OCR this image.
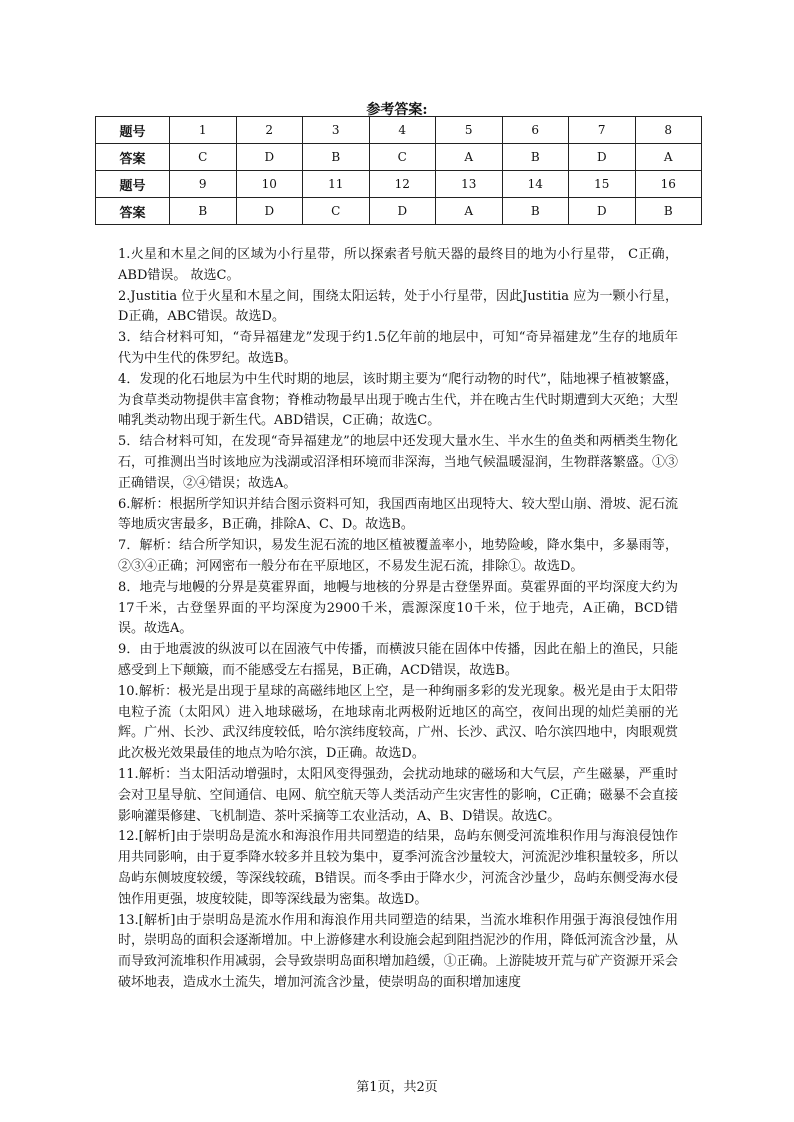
参考答案:
题号	1	2	3	4	5	6	7	8
答案	C	D	B	C	A	B	D	A
题号	9	10	11	12	13	14	15	16
答案	B	D	C	D	A	B	D	B

1.火星和木星之间的区域为小行星带，所以探索者号航天器的最终目的地为小行星带， C正确， ABD错误。 故选C。

2.Justitia 位于火星和木星之间，围绕太阳运转，处于小行星带，因此Justitia 应为一颗小行星，D正确，ABC错误。故选D。

3．结合材料可知，“奇异福建龙”发现于约1.5亿年前的地层中，可知“奇异福建龙”生存的地质年代为中生代的侏罗纪。故选B。

4．发现的化石地层为中生代时期的地层，该时期主要为“爬行动物的时代”，陆地裸子植被繁盛，为食草类动物提供丰富食物；脊椎动物最早出现于晚古生代，并在晚古生代时期遭到大灭绝；大型哺乳类动物出现于新生代。ABD错误，C正确；故选C。

5．结合材料可知，在发现“奇异福建龙”的地层中还发现大量水生、半水生的鱼类和两栖类生物化石，可推测出当时该地应为浅湖或沼泽相环境而非深海，当地气候温暖湿润，生物群落繁盛。①③正确错误，②④错误；故选A。

6.解析：根据所学知识并结合图示资料可知，我国西南地区出现特大、较大型山崩、滑坡、泥石流等地质灾害最多，B正确，排除A、C、D。故选B。

7．解析：结合所学知识，易发生泥石流的地区植被覆盖率小，地势险峻，降水集中，多暴雨等，②③④正确；河网密布一般分布在平原地区，不易发生泥石流，排除①。故选D。

8．地壳与地幔的分界是莫霍界面，地幔与地核的分界是古登堡界面。莫霍界面的平均深度大约为17千米，古登堡界面的平均深度为2900千米，震源深度10千米，位于地壳，A正确，BCD错误。故选A。

9．由于地震波的纵波可以在固液气中传播，而横波只能在固体中传播，因此在船上的渔民，只能感受到上下颠簸，而不能感受左右摇晃，B正确，ACD错误，故选B。

10.解析：极光是出现于星球的高磁纬地区上空，是一种绚丽多彩的发光现象。极光是由于太阳带电粒子流（太阳风）进入地球磁场，在地球南北两极附近地区的高空，夜间出现的灿烂美丽的光辉。广州、长沙、武汉纬度较低，哈尔滨纬度较高，广州、长沙、武汉、哈尔滨四地中，肉眼观赏此次极光效果最佳的地点为哈尔滨，D正确。故选D。

11.解析：当太阳活动增强时，太阳风变得强劲，会扰动地球的磁场和大气层，产生磁暴，严重时会对卫星导航、空间通信、电网、航空航天等人类活动产生灾害性的影响，C正确；磁暴不会直接影响灌渠修建、飞机制造、茶叶采摘等工农业活动，A、B、D错误。故选C。

12.[解析]由于崇明岛是流水和海浪作用共同塑造的结果，岛屿东侧受河流堆积作用与海浪侵蚀作用共同影响，由于夏季降水较多并且较为集中，夏季河流含沙量较大，河流泥沙堆积量较多，所以岛屿东侧坡度较缓，等深线较疏，B错误。而冬季由于降水少，河流含沙量少，岛屿东侧受海水侵蚀作用更强，坡度较陡，即等深线最为密集。故选D。

13.[解析]由于崇明岛是流水作用和海浪作用共同塑造的结果，当流水堆积作用强于海浪侵蚀作用时，崇明岛的面积会逐渐增加。中上游修建水利设施会起到阻挡泥沙的作用，降低河流含沙量，从而导致河流堆积作用减弱，会导致崇明岛面积增加趋缓，①正确。上游陡坡开荒与矿产资源开采会破坏地表，造成水土流失，增加河流含沙量，使崇明岛的面积增加速度

第1页，共2页
